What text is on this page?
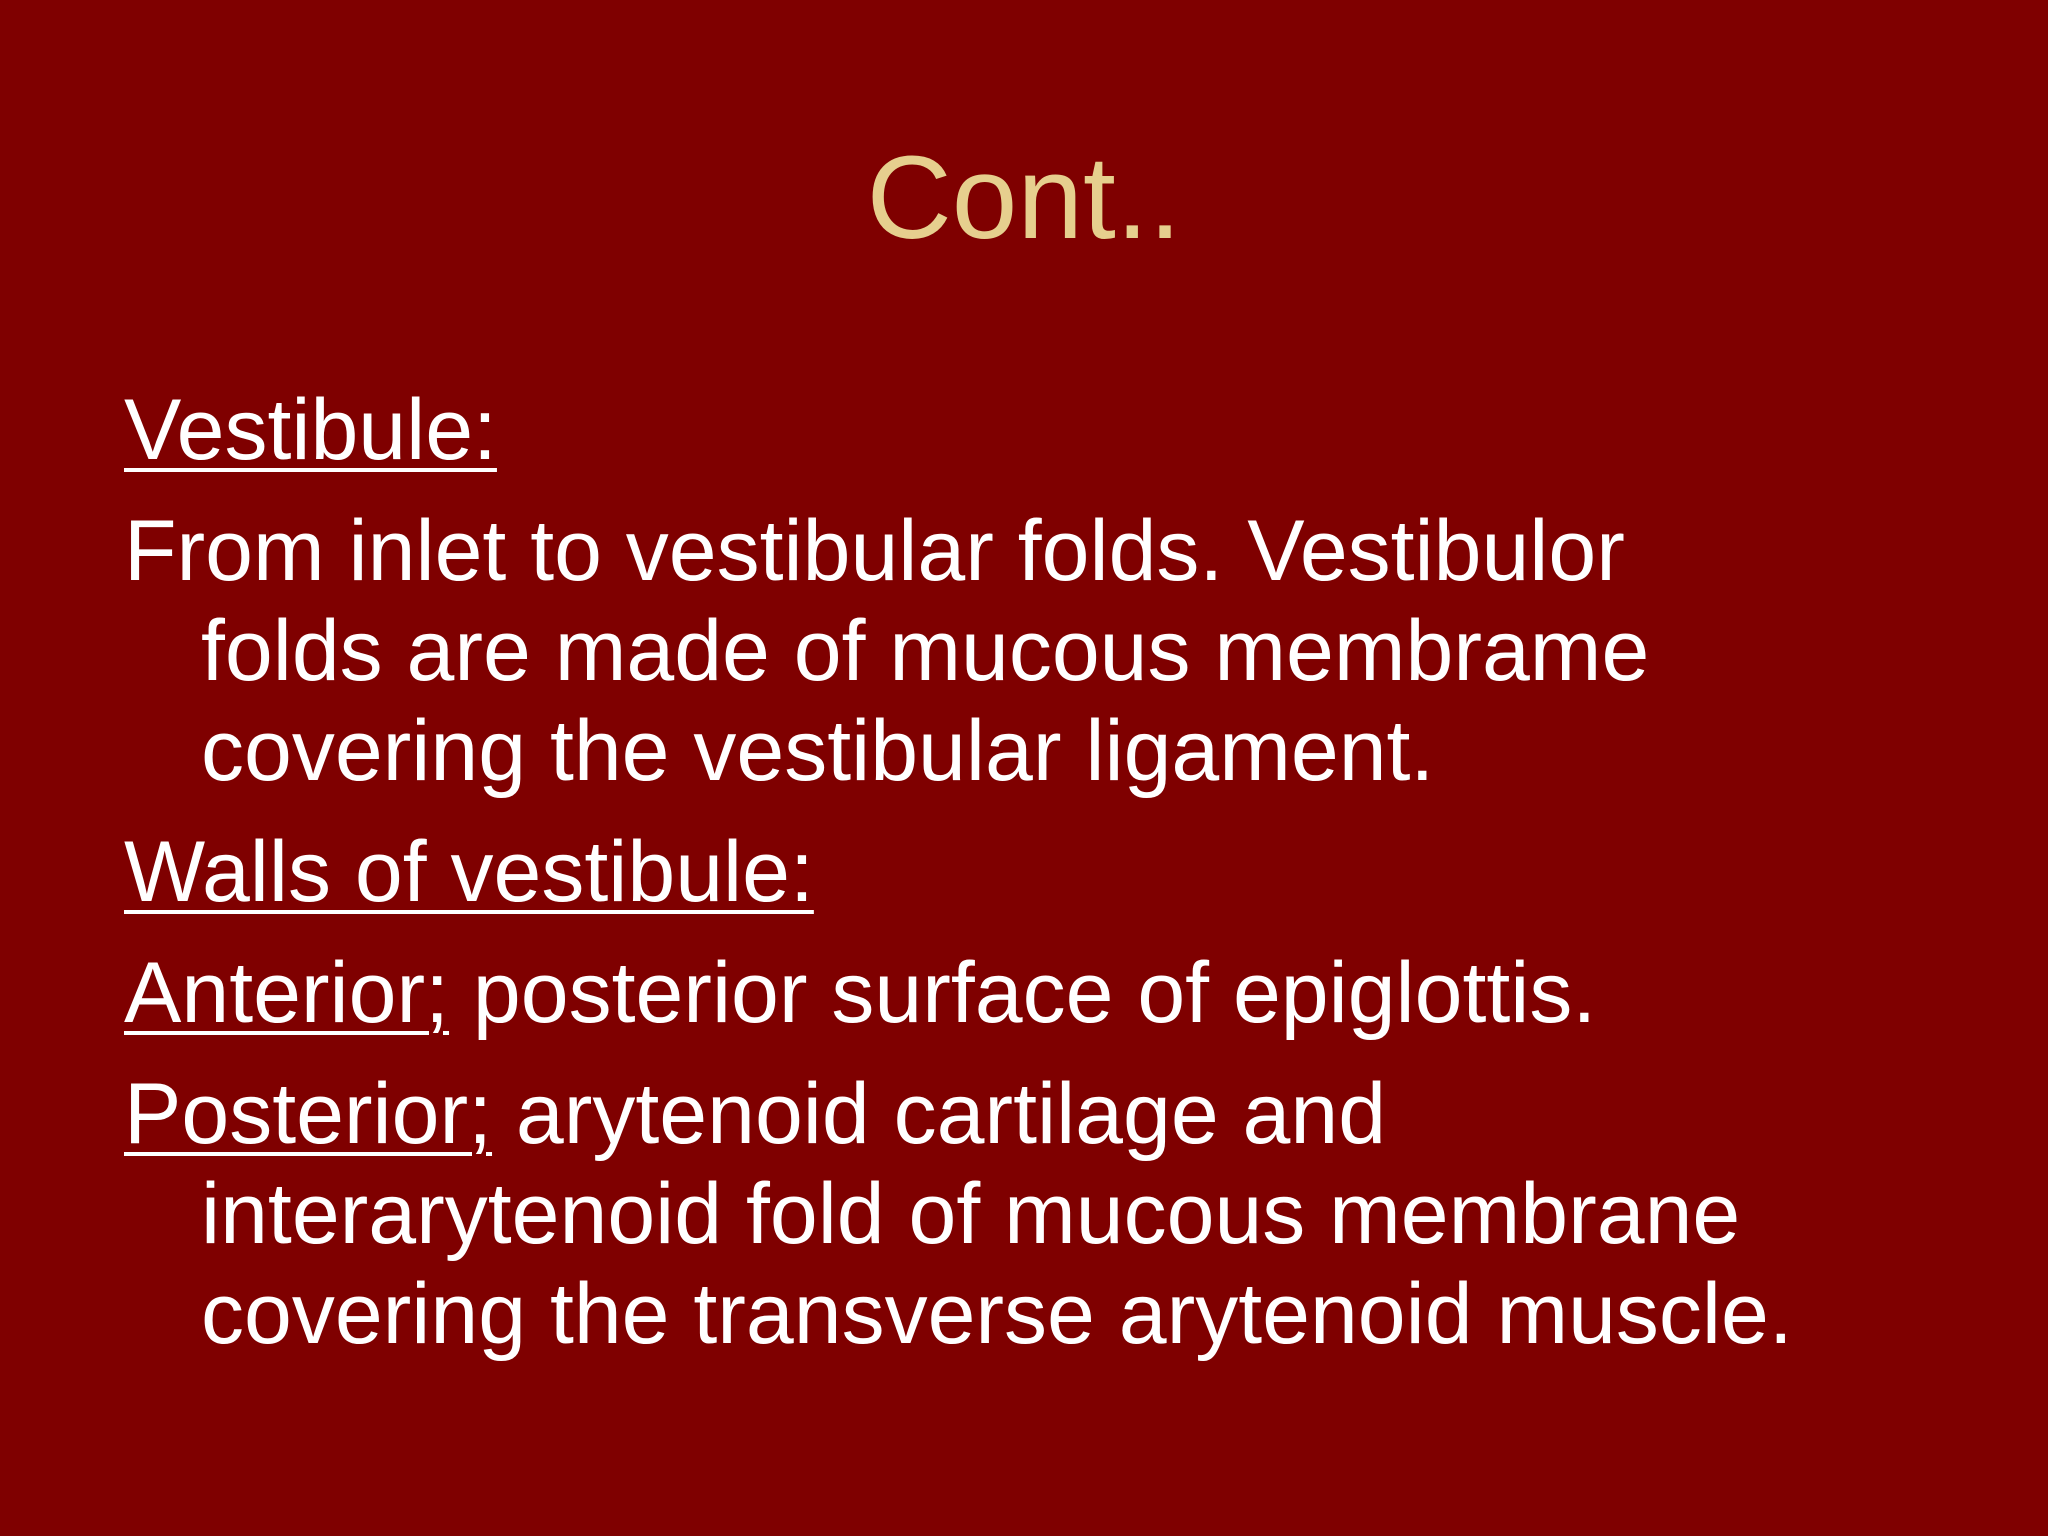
Cont..

Vestibule:

From inlet to vestibular folds. Vestibulor
folds are made of mucous membrame
covering the vestibular ligament.

Walls of vestibule:

Anterior; posterior surface of epiglottis.

Posterior; arytenoid cartilage and
interarytenoid fold of mucous membrane
covering the transverse arytenoid muscle.
